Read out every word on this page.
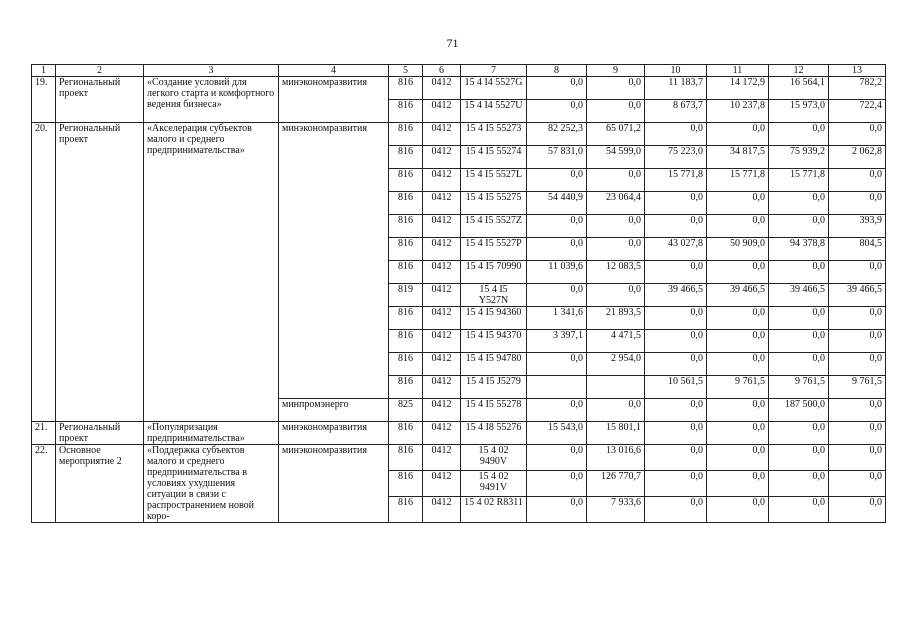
71
1	2	3	4	5	6	7	8	9	10	11	12	13
19.	Региональный проект	«Создание условий для легкого старта и комфортного ведения бизнеса»	минэкономразвития	816	0412	15 4 I4 5527G	0,0	0,0	11 183,7	14 172,9	16 564,1	782,2
				816	0412	15 4 I4 5527U	0,0	0,0	8 673,7	10 237,8	15 973,0	722,4
20.	Региональный проект	«Акселерация субъектов малого и среднего предпринимательства»	минэкономразвития	816	0412	15 4 I5 55273	82 252,3	65 071,2	0,0	0,0	0,0	0,0
				816	0412	15 4 I5 55274	57 831,0	54 599,0	75 223,0	34 817,5	75 939,2	2 062,8
				816	0412	15 4 I5 5527L	0,0	0,0	15 771,8	15 771,8	15 771,8	0,0
				816	0412	15 4 I5 55275	54 440,9	23 064,4	0,0	0,0	0,0	0,0
				816	0412	15 4 I5 5527Z	0,0	0,0	0,0	0,0	0,0	393,9
				816	0412	15 4 I5 5527P	0,0	0,0	43 027,8	50 909,0	94 378,8	804,5
				816	0412	15 4 I5 70990	11 039,6	12 083,5	0,0	0,0	0,0	0,0
				819	0412	15 4 I5 Y527N	0,0	0,0	39 466,5	39 466,5	39 466,5	39 466,5
				816	0412	15 4 I5 94360	1 341,6	21 893,5	0,0	0,0	0,0	0,0
				816	0412	15 4 I5 94370	3 397,1	4 471,5	0,0	0,0	0,0	0,0
				816	0412	15 4 I5 94780	0,0	2 954,0	0,0	0,0	0,0	0,0
				816	0412	15 4 I5 J5279			10 561,5	9 761,5	9 761,5	9 761,5
			минпромэнерго	825	0412	15 4 I5 55278	0,0	0,0	0,0	0,0	187 500,0	0,0
21.	Региональный проект	«Популяризация предпринимательства»	минэкономразвития	816	0412	15 4 I8 55276	15 543,0	15 801,1	0,0	0,0	0,0	0,0
22.	Основное мероприятие 2	«Поддержка субъектов малого и среднего предпринимательства в условиях ухудшения ситуации в связи с распространением новой коро-	минэкономразвития	816	0412	15 4 02 9490V	0,0	13 016,6	0,0	0,0	0,0	0,0
				816	0412	15 4 02 9491V	0,0	126 770,7	0,0	0,0	0,0	0,0
				816	0412	15 4 02 R8311	0,0	7 933,6	0,0	0,0	0,0	0,0
